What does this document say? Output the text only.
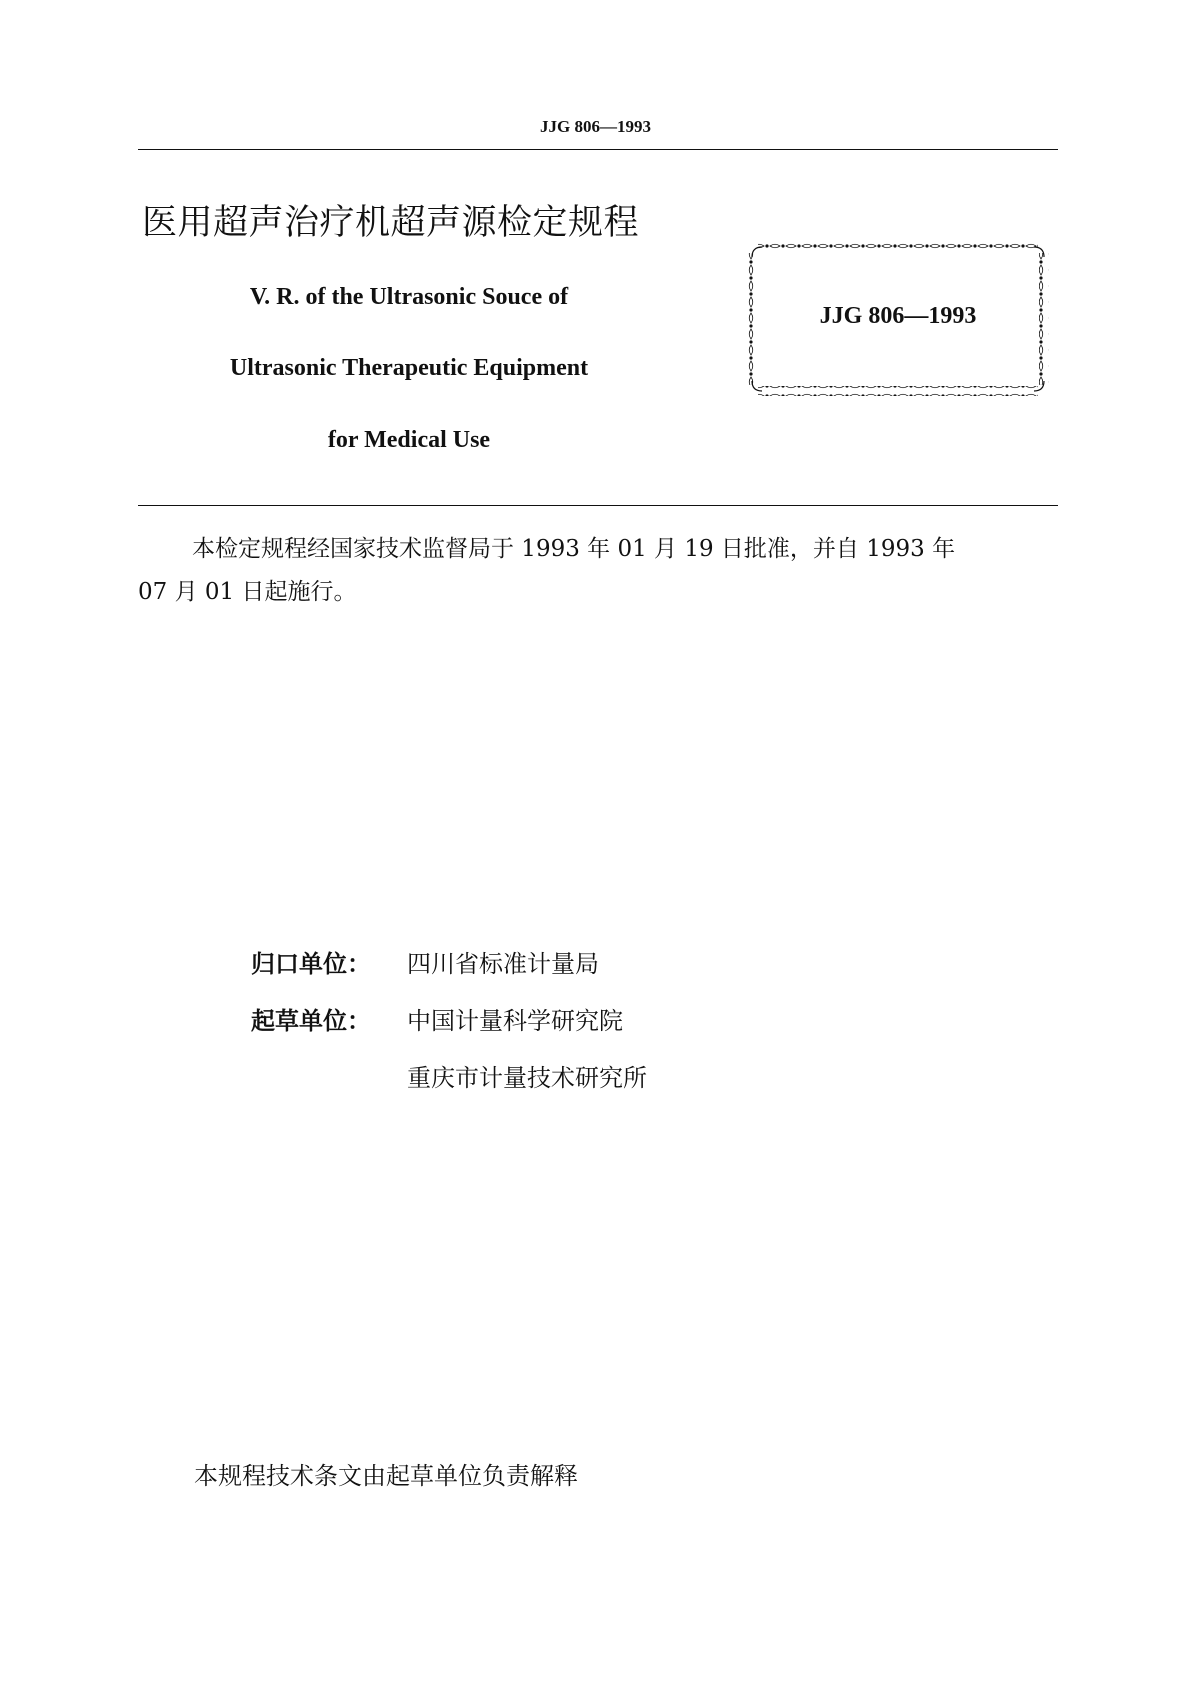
JJG 806—1993
医用超声治疗机超声源检定规程
V. R. of the Ultrasonic Souce of
Ultrasonic Therapeutic Equipment
for Medical Use
JJG 806—1993
本检定规程经国家技术监督局于 1993 年 01 月 19 日批准，并自 1993 年
07 月 01 日起施行。
归口单位： 四川省标准计量局
起草单位： 中国计量科学研究院
重庆市计量技术研究所
本规程技术条文由起草单位负责解释
